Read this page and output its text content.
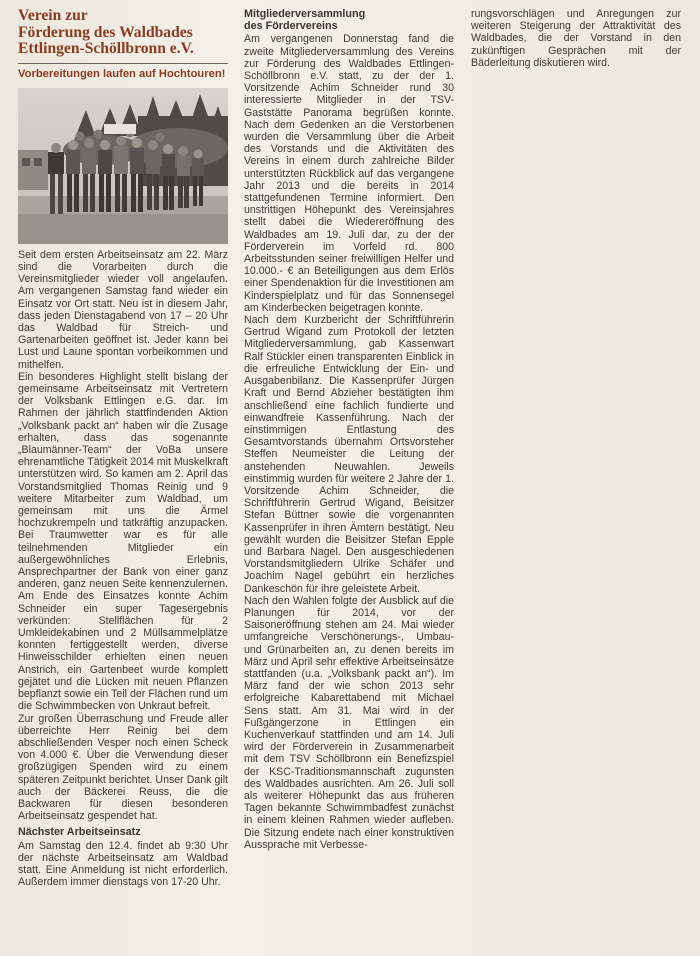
Verein zur
Förderung des Waldbades
Ettlingen-Schöllbronn e.V.
Vorbereitungen laufen auf Hochtouren!

Seit dem ersten Arbeitseinsatz am 22. März sind die Vorarbeiten durch die Vereinsmitglieder wieder voll angelaufen. Am vergangenen Samstag fand wieder ein Einsatz vor Ort statt. Neu ist in diesem Jahr, dass jeden Dienstagabend von 17 – 20 Uhr das Waldbad für Streich- und Gartenarbeiten geöffnet ist. Jeder kann bei Lust und Laune spontan vorbeikommen und mithelfen.

Ein besonderes Highlight stellt bislang der gemeinsame Arbeitseinsatz mit Vertretern der Volksbank Ettlingen e.G. dar. Im Rahmen der jährlich stattfindenden Aktion „Volksbank packt an“ haben wir die Zusage erhalten, dass das sogenannte „Blaumänner-Team“ der VoBa unsere ehrenamtliche Tätigkeit 2014 mit Muskelkraft unterstützen wird. So kamen am 2. April das Vorstandsmitglied Thomas Reinig und 9 weitere Mitarbeiter zum Waldbad, um gemeinsam mit uns die Ärmel hochzukrempeln und tatkräftig anzupacken. Bei Traumwetter war es für alle teilnehmenden Mitglieder ein außergewöhnliches Erlebnis, Ansprechpartner der Bank von einer ganz anderen, ganz neuen Seite kennenzulernen. Am Ende des Einsatzes konnte Achim Schneider ein super Tagesergebnis verkünden: Stellflächen für 2 Umkleidekabinen und 2 Müllsammelplätze konnten fertiggestellt werden, diverse Hinweisschilder erhielten einen neuen Anstrich, ein Gartenbeet wurde komplett gejätet und die Lücken mit neuen Pflanzen bepflanzt sowie ein Teil der Flächen rund um die Schwimmbecken von Unkraut befreit.

Zur großen Überraschung und Freude aller überreichte Herr Reinig bei dem abschließenden Vesper noch einen Scheck von 4.000 €. Über die Verwendung dieser großzügigen Spenden wird zu einem späteren Zeitpunkt berichtet. Unser Dank gilt auch der Bäckerei Reuss, die die Backwaren für diesen besonderen Arbeitseinsatz gespendet hat.

Nächster Arbeitseinsatz

Am Samstag den 12.4. findet ab 9:30 Uhr der nächste Arbeitseinsatz am Waldbad statt. Eine Anmeldung ist nicht erforderlich. Außerdem immer dienstags von 17-20 Uhr.

Mitgliederversammlung
des Fördervereins

Am vergangenen Donnerstag fand die zweite Mitgliederversammlung des Vereins zur Förderung des Waldbades Ettlingen-Schöllbronn e.V. statt, zu der der 1. Vorsitzende Achim Schneider rund 30 interessierte Mitglieder in der TSV-Gaststätte Panorama begrüßen konnte. Nach dem Gedenken an die Verstorbenen wurden die Versammlung über die Arbeit des Vorstands und die Aktivitäten des Vereins in einem durch zahlreiche Bilder unterstützten Rückblick auf das vergangene Jahr 2013 und die bereits in 2014 stattgefundenen Termine informiert. Den unstrittigen Höhepunkt des Vereinsjahres stellt dabei die Wiedereröffnung des Waldbades am 19. Juli dar, zu der der Förderverein im Vorfeld rd. 800 Arbeitsstunden seiner freiwilligen Helfer und 10.000.- € an Beteiligungen aus dem Erlös einer Spendenaktion für die Investitionen am Kinderspielplatz und für das Sonnensegel am Kinderbecken beigetragen konnte.

Nach dem Kurzbericht der Schriftführerin Gertrud Wigand zum Protokoll der letzten Mitgliederversammlung, gab Kassenwart Ralf Stückler einen transparenten Einblick in die erfreuliche Entwicklung der Ein- und Ausgabenbilanz. Die Kassenprüfer Jürgen Kraft und Bernd Abzieher bestätigten ihm anschließend eine fachlich fundierte und einwandfreie Kassenführung. Nach der einstimmigen Entlastung des Gesamtvorstands übernahm Ortsvorsteher Steffen Neumeister die Leitung der anstehenden Neuwahlen. Jeweils einstimmig wurden für weitere 2 Jahre der 1. Vorsitzende Achim Schneider, die Schriftführerin Gertrud Wigand, Beisitzer Stefan Büttner sowie die vorgenannten Kassenprüfer in ihren Ämtern bestätigt. Neu gewählt wurden die Beisitzer Stefan Epple und Barbara Nagel. Den ausgeschiedenen Vorstandsmitgliedern Ulrike Schäfer und Joachim Nagel gebührt ein herzliches Dankeschön für ihre geleistete Arbeit.

Nach den Wahlen folgte der Ausblick auf die Planungen für 2014, vor der Saisoneröffnung stehen am 24. Mai wieder umfangreiche Verschönerungs-, Umbau- und Grünarbeiten an, zu denen bereits im März und April sehr effektive Arbeitseinsätze stattfanden (u.a. „Volksbank packt an“). Im März fand der wie schon 2013 sehr erfolgreiche Kabarettabend mit Michael Sens statt. Am 31. Mai wird in der Fußgängerzone in Ettlingen ein Kuchenverkauf stattfinden und am 14. Juli wird der Förderverein in Zusammenarbeit mit dem TSV Schöllbronn ein Benefizspiel der KSC-Traditionsmannschaft zugunsten des Waldbades ausrichten. Am 26. Juli soll als weiterer Höhepunkt das aus früheren Tagen bekannte Schwimmbadfest zunächst in einem kleinen Rahmen wieder aufleben. Die Sitzung endete nach einer konstruktiven Aussprache mit Verbesse-

rungsvorschlägen und Anregungen zur weiteren Steigerung der Attraktivität des Waldbades, die der Vorstand in den zukünftigen Gesprächen mit der Bäderleitung diskutieren wird.
